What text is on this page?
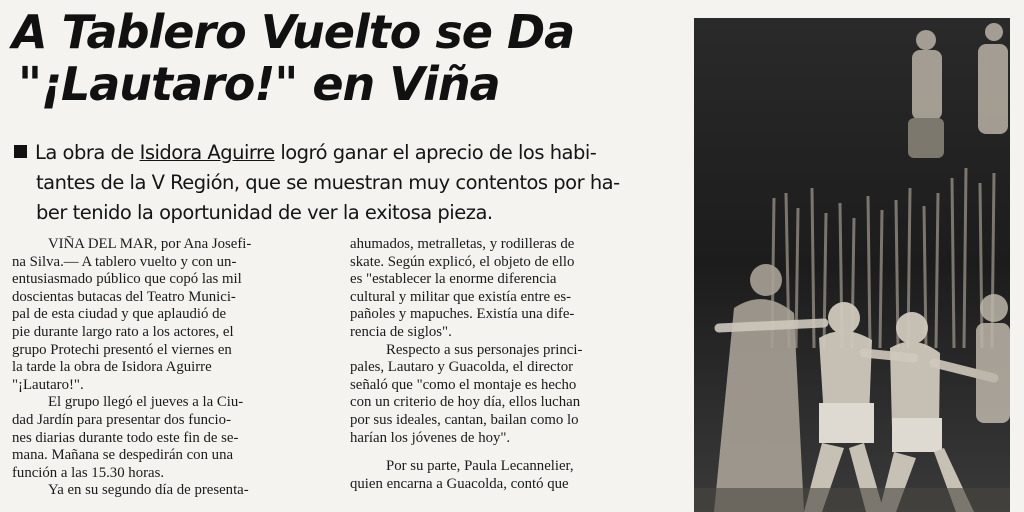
A Tablero Vuelto se Da
"¡Lautaro!" en Viña
La obra de Isidora Aguirre logró ganar el aprecio de los habi-
tantes de la V Región, que se muestran muy contentos por ha-
ber tenido la oportunidad de ver la exitosa pieza.
VIÑA DEL MAR, por Ana Josefi-
na Silva.— A tablero vuelto y con un-
entusiasmado público que copó las mil
doscientas butacas del Teatro Munici-
pal de esta ciudad y que aplaudió de
pie durante largo rato a los actores, el
grupo Protechi presentó el viernes en
la tarde la obra de Isidora Aguirre
"¡Lautaro!".
El grupo llegó el jueves a la Ciu-
dad Jardín para presentar dos funcio-
nes diarias durante todo este fin de se-
mana. Mañana se despedirán con una
función a las 15.30 horas.
Ya en su segundo día de presenta-
ahumados, metralletas, y rodilleras de
skate. Según explicó, el objeto de ello
es "establecer la enorme diferencia
cultural y militar que existía entre es-
pañoles y mapuches. Existía una dife-
rencia de siglos".
Respecto a sus personajes princi-
pales, Lautaro y Guacolda, el director
señaló que "como el montaje es hecho
con un criterio de hoy día, ellos luchan
por sus ideales, cantan, bailan como lo
harían los jóvenes de hoy".
Por su parte, Paula Lecannelier,
quien encarna a Guacolda, contó que
